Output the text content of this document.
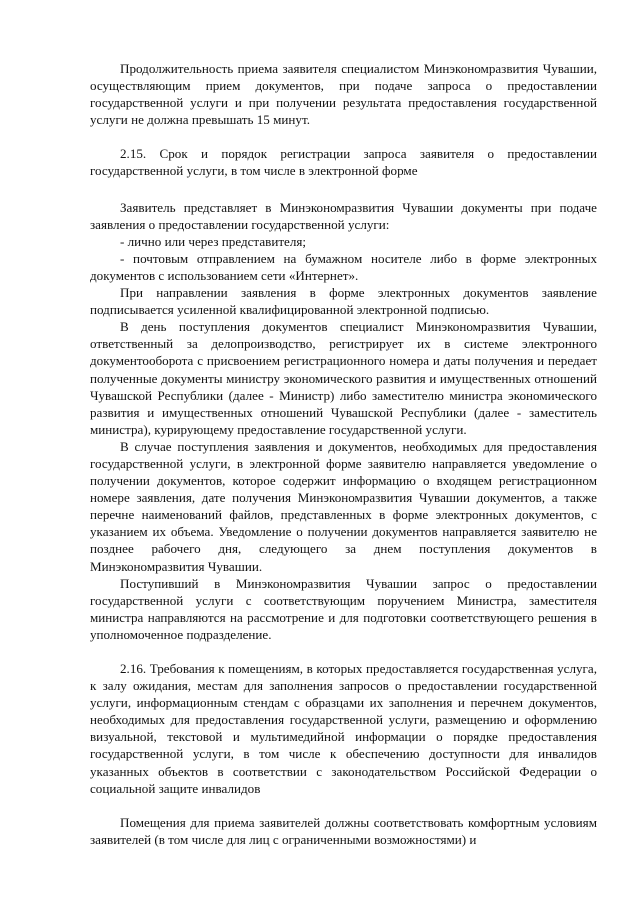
Продолжительность приема заявителя специалистом Минэкономразвития Чувашии, осуществляющим прием документов, при подаче запроса о предоставлении государственной услуги и при получении результата предоставления государственной услуги не должна превышать 15 минут.

2.15. Срок и порядок регистрации запроса заявителя о предоставлении государственной услуги, в том числе в электронной форме

Заявитель представляет в Минэкономразвития Чувашии документы при подаче заявления о предоставлении государственной услуги:

- лично или через представителя;

- почтовым отправлением на бумажном носителе либо в форме электронных документов с использованием сети «Интернет».

При направлении заявления в форме электронных документов заявление подписывается усиленной квалифицированной электронной подписью.

В день поступления документов специалист Минэкономразвития Чувашии, ответственный за делопроизводство, регистрирует их в системе электронного документооборота с присвоением регистрационного номера и даты получения и передает полученные документы министру экономического развития и имущественных отношений Чувашской Республики (далее - Министр) либо заместителю министра экономического развития и имущественных отношений Чувашской Республики (далее - заместитель министра), курирующему предоставление государственной услуги.

В случае поступления заявления и документов, необходимых для предоставления государственной услуги, в электронной форме заявителю направляется уведомление о получении документов, которое содержит информацию о входящем регистрационном номере заявления, дате получения Минэкономразвития Чувашии документов, а также перечне наименований файлов, представленных в форме электронных документов, с указанием их объема. Уведомление о получении документов направляется заявителю не позднее рабочего дня, следующего за днем поступления документов в Минэкономразвития Чувашии.

Поступивший в Минэкономразвития Чувашии запрос о предоставлении государственной услуги с соответствующим поручением Министра, заместителя министра направляются на рассмотрение и для подготовки соответствующего решения в уполномоченное подразделение.

2.16. Требования к помещениям, в которых предоставляется государственная услуга, к залу ожидания, местам для заполнения запросов о предоставлении государственной услуги, информационным стендам с образцами их заполнения и перечнем документов, необходимых для предоставления государственной услуги, размещению и оформлению визуальной, текстовой и мультимедийной информации о порядке предоставления государственной услуги, в том числе к обеспечению доступности для инвалидов указанных объектов в соответствии с законодательством Российской Федерации о социальной защите инвалидов

Помещения для приема заявителей должны соответствовать комфортным условиям заявителей (в том числе для лиц с ограниченными возможностями) и
